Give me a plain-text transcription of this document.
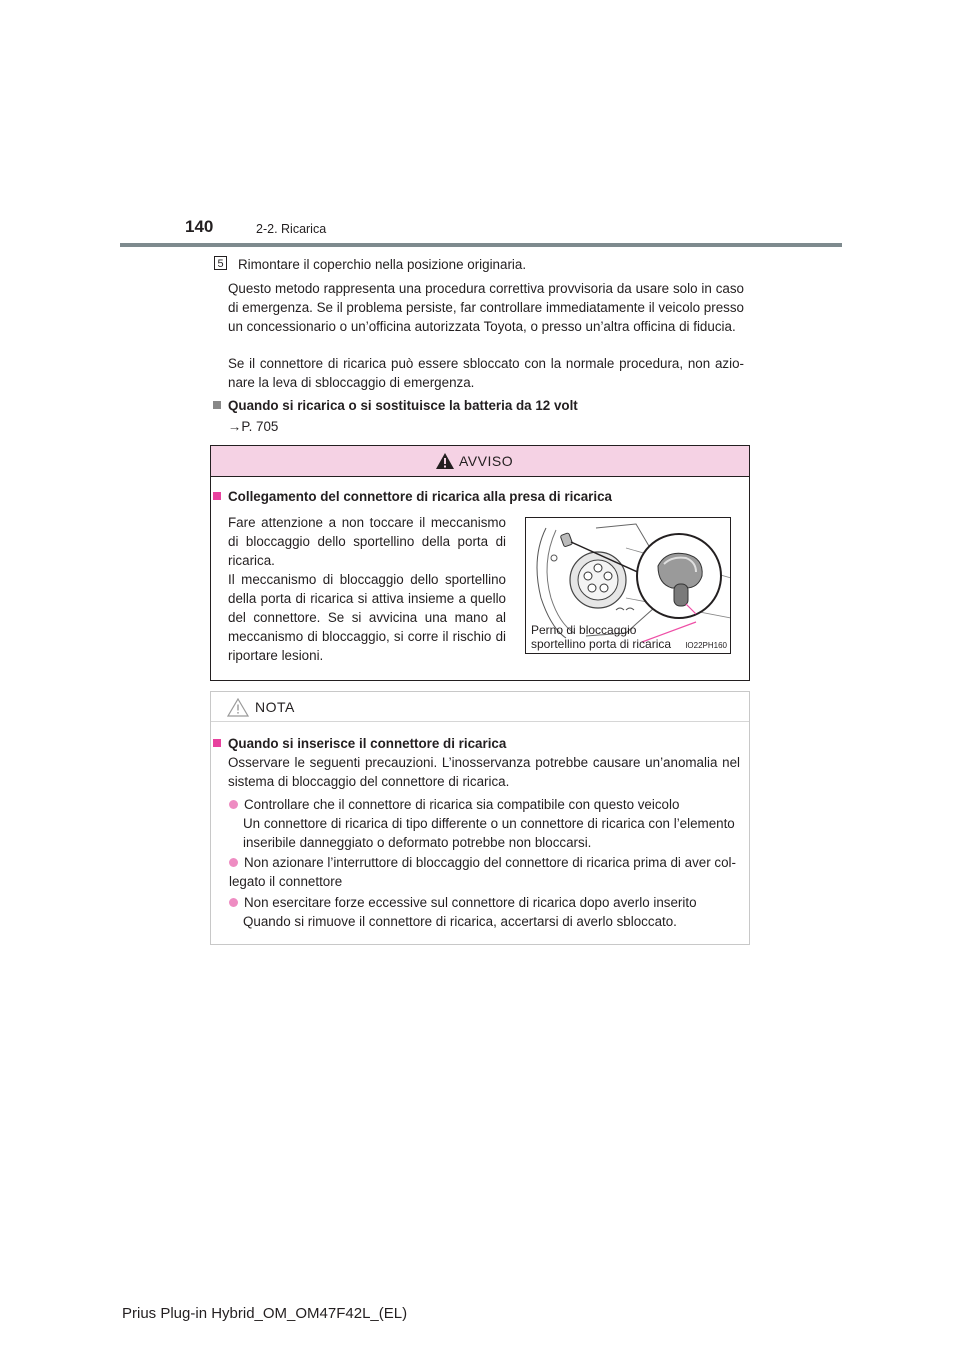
140	2-2. Ricarica
5 Rimontare il coperchio nella posizione originaria.
Questo metodo rappresenta una procedura correttiva provvisoria da usare solo in caso di emergenza. Se il problema persiste, far controllare immediatamente il veicolo presso un concessionario o un’officina autorizzata Toyota, o presso un’altra officina di fiducia.
Se il connettore di ricarica può essere sbloccato con la normale procedura, non azio-nare la leva di sbloccaggio di emergenza.
Quando si ricarica o si sostituisce la batteria da 12 volt
→P. 705
AVVISO
Collegamento del connettore di ricarica alla presa di ricarica
Fare attenzione a non toccare il meccanismo di bloccaggio dello sportellino della porta di ricarica.
Il meccanismo di bloccaggio dello sportellino della porta di ricarica si attiva insieme a quello del connettore. Se si avvicina una mano al meccanismo di bloccaggio, si corre il rischio di riportare lesioni.
Perno di bloccaggio
sportellino porta di ricarica IO22PH160
NOTA
Quando si inserisce il connettore di ricarica
Osservare le seguenti precauzioni. L’inosservanza potrebbe causare un’anomalia nel sistema di bloccaggio del connettore di ricarica.
Controllare che il connettore di ricarica sia compatibile con questo veicolo
Un connettore di ricarica di tipo differente o un connettore di ricarica con l’elemento inseribile danneggiato o deformato potrebbe non bloccarsi.
Non azionare l’interruttore di bloccaggio del connettore di ricarica prima di aver col-legato il connettore
Non esercitare forze eccessive sul connettore di ricarica dopo averlo inserito
Quando si rimuove il connettore di ricarica, accertarsi di averlo sbloccato.
Prius Plug-in Hybrid_OM_OM47F42L_(EL)
